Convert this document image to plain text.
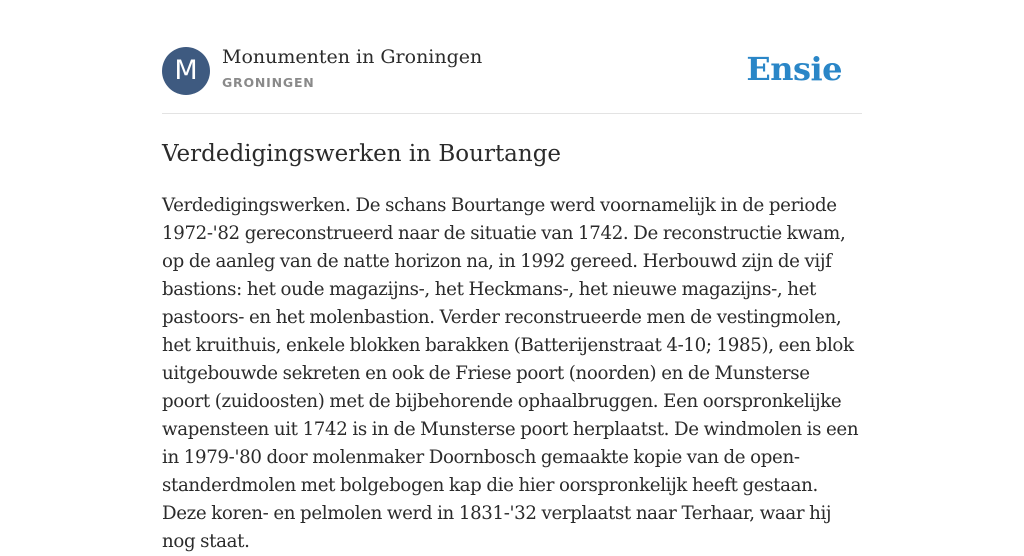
M	Monumenten in Groningen
GRONINGEN	Ensie
Verdedigingswerken in Bourtange

Verdedigingswerken. De schans Bourtange werd voornamelijk in de periode 1972-'82 gereconstrueerd naar de situatie van 1742. De reconstructie kwam, op de aanleg van de natte horizon na, in 1992 gereed. Herbouwd zijn de vijf bastions: het oude magazijns-, het Heckmans-, het nieuwe magazijns-, het pastoors- en het molenbastion. Verder reconstrueerde men de vestingmolen, het kruithuis, enkele blokken barakken (Batterijenstraat 4-10; 1985), een blok uitgebouwde sekreten en ook de Friese poort (noorden) en de Munsterse poort (zuidoosten) met de bijbehorende ophaalbruggen. Een oorspronkelijke wapensteen uit 1742 is in de Munsterse poort herplaatst. De windmolen is een in 1979-'80 door molenmaker Doornbosch gemaakte kopie van de open-standerdmolen met bolgebogen kap die hier oorspronkelijk heeft gestaan. Deze koren- en pelmolen werd in 1831-'32 verplaatst naar Terhaar, waar hij nog staat.
